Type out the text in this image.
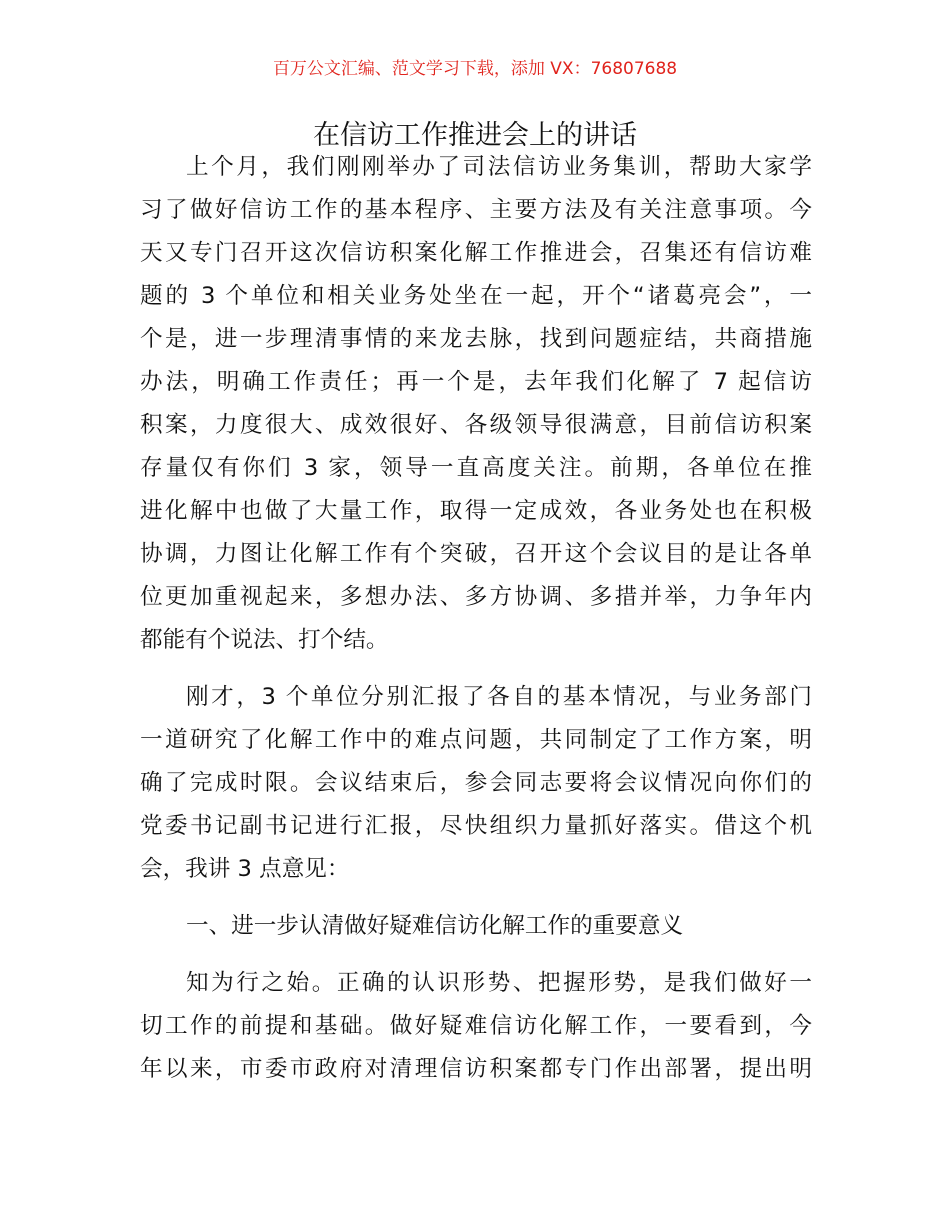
百万公文汇编、范文学习下载，添加 VX：76807688
在信访工作推进会上的讲话
上个月，我们刚刚举办了司法信访业务集训，帮助大家学
习了做好信访工作的基本程序、主要方法及有关注意事项。今
天又专门召开这次信访积案化解工作推进会，召集还有信访难
题的 3 个单位和相关业务处坐在一起，开个“诸葛亮会”，一
个是，进一步理清事情的来龙去脉，找到问题症结，共商措施
办法，明确工作责任；再一个是，去年我们化解了 7 起信访
积案，力度很大、成效很好、各级领导很满意，目前信访积案
存量仅有你们 3 家，领导一直高度关注。前期，各单位在推
进化解中也做了大量工作，取得一定成效，各业务处也在积极
协调，力图让化解工作有个突破，召开这个会议目的是让各单
位更加重视起来，多想办法、多方协调、多措并举，力争年内
都能有个说法、打个结。
刚才，3 个单位分别汇报了各自的基本情况，与业务部门
一道研究了化解工作中的难点问题，共同制定了工作方案，明
确了完成时限。会议结束后，参会同志要将会议情况向你们的
党委书记副书记进行汇报，尽快组织力量抓好落实。借这个机
会，我讲 3 点意见：
一、进一步认清做好疑难信访化解工作的重要意义
知为行之始。正确的认识形势、把握形势，是我们做好一
切工作的前提和基础。做好疑难信访化解工作，一要看到，今
年以来，市委市政府对清理信访积案都专门作出部署，提出明
